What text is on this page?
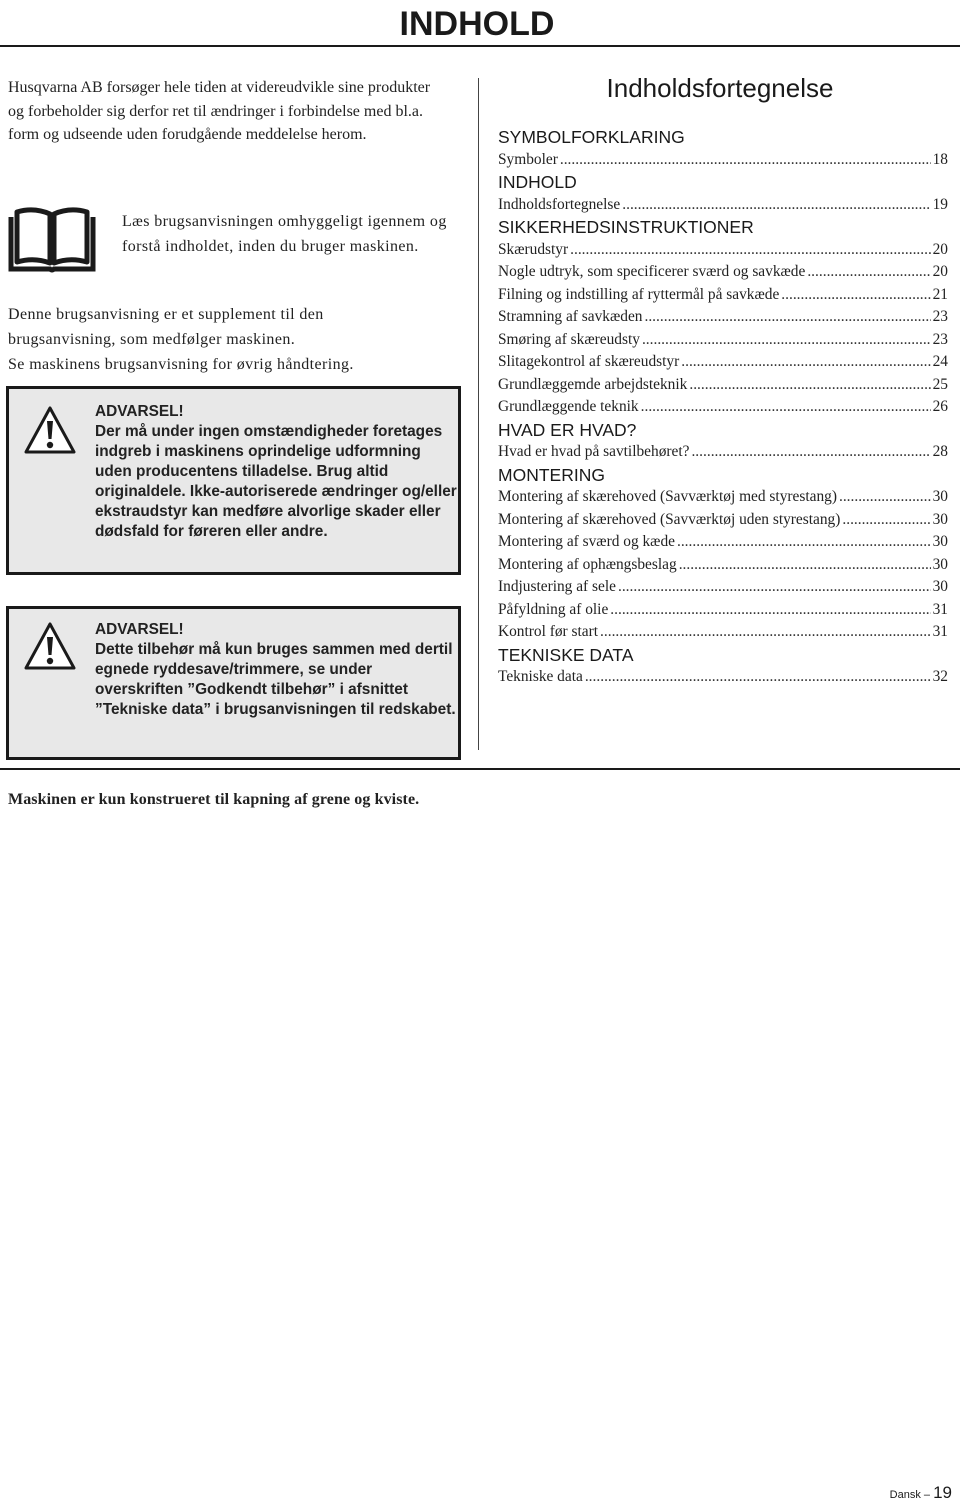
INDHOLD
Husqvarna AB forsøger hele tiden at videreudvikle sine produkter og forbeholder sig derfor ret til ændringer i forbindelse med bl.a. form og udseende uden forudgående meddelelse herom.
Læs brugsanvisningen omhyggeligt igennem og forstå indholdet, inden du bruger maskinen.
Denne brugsanvisning er et supplement til den
brugsanvisning, som medfølger maskinen.
Se maskinens brugsanvisning for øvrig håndtering.
ADVARSEL!
Der må under ingen omstændigheder foretages indgreb i maskinens oprindelige udformning uden producentens tilladelse. Brug altid originaldele. Ikke-autoriserede ændringer og/eller ekstraudstyr kan medføre alvorlige skader eller dødsfald for føreren eller andre.
ADVARSEL!
Dette tilbehør må kun bruges sammen med dertil egnede ryddesave/trimmere, se under overskriften ”Godkendt tilbehør” i afsnittet ”Tekniske data” i brugsanvisningen til redskabet.
Indholdsfortegnelse
SYMBOLFORKLARING
Symboler .....	18
INDHOLD
Indholdsfortegnelse .....	19
SIKKERHEDSINSTRUKTIONER
Skærudstyr .....	20
Nogle udtryk, som specificerer sværd og savkæde .....	20
Filning og indstilling af ryttermål på savkæde .....	21
Stramning af savkæden .....	23
Smøring af skæreudsty .....	23
Slitagekontrol af skæreudstyr .....	24
Grundlæggemde arbejdsteknik .....	25
Grundlæggende teknik .....	26
HVAD ER HVAD?
Hvad er hvad på savtilbehøret? .....	28
MONTERING
Montering af skærehoved (Savværktøj med styrestang) .....	30
Montering af skærehoved (Savværktøj uden styrestang) .....	30
Montering af sværd og kæde .....	30
Montering af ophængsbeslag .....	30
Indjustering af sele .....	30
Påfyldning af olie .....	31
Kontrol før start .....	31
TEKNISKE DATA
Tekniske data .....	32
Maskinen er kun konstrueret til kapning af grene og kviste.
Dansk – 19
